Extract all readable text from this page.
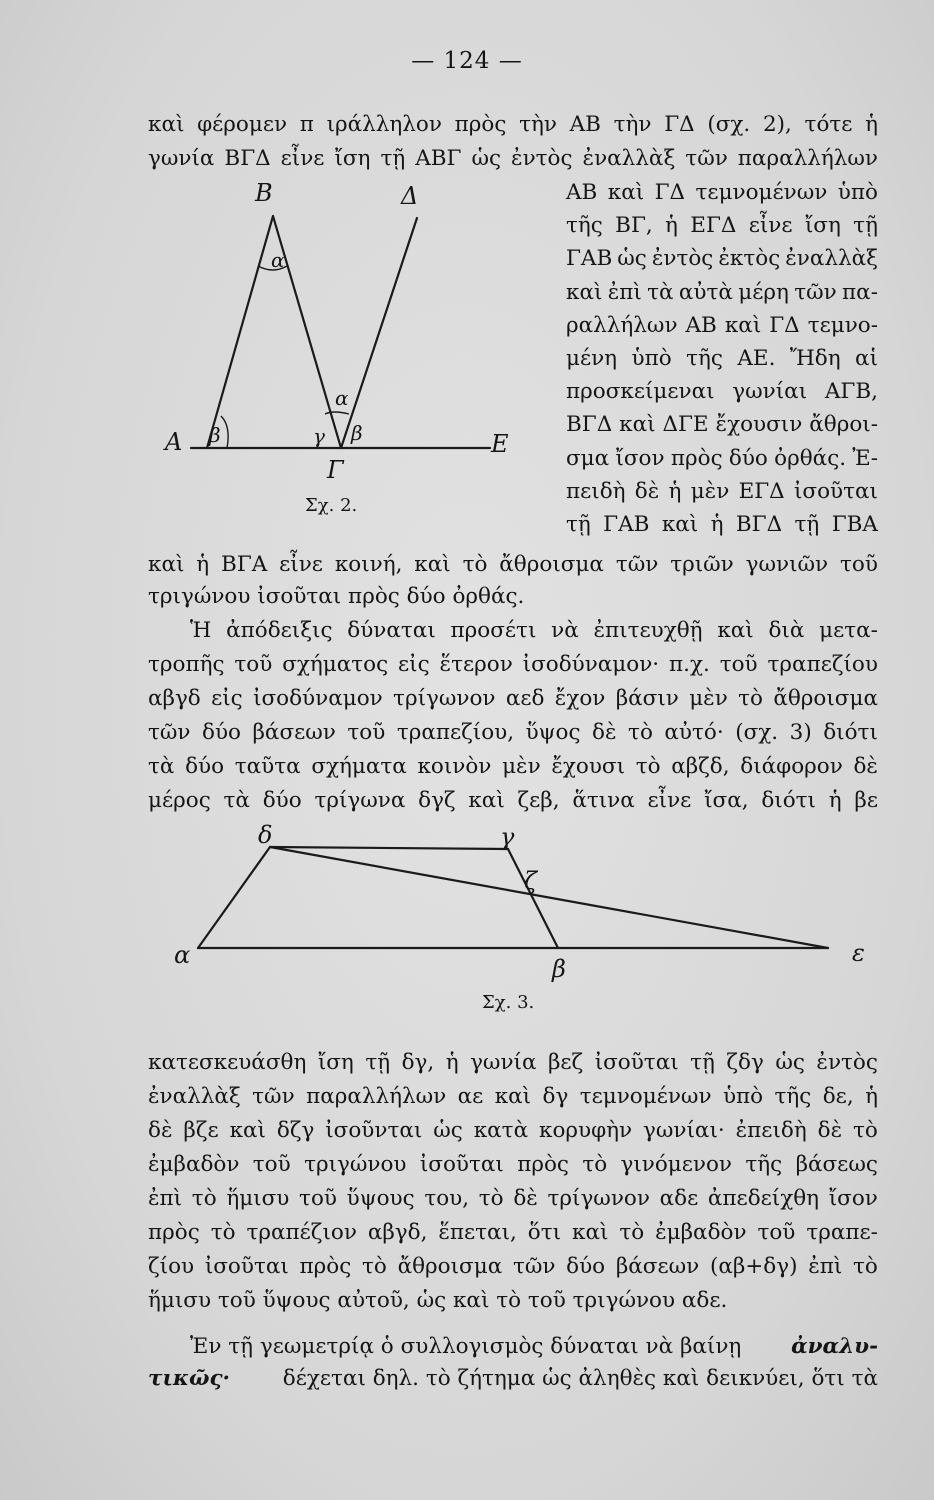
— 124 —
καὶ φέρομεν π ιράλληλον πρὸς τὴν ΑΒ τὴν ΓΔ (σχ. 2), τότε ἡ
γωνία ΒΓΔ εἶνε ἴση τῇ ΑΒΓ ὡς ἐντὸς ἐναλλὰξ τῶν παραλλήλων
ΑΒ καὶ ΓΔ τεμνομένων ὑπὸ
τῆς ΒΓ, ἡ ΕΓΔ εἶνε ἴση τῇ
ΓΑΒ ὡς ἐντὸς ἐκτὸς ἐναλλὰξ
καὶ ἐπὶ τὰ αὐτὰ μέρη τῶν πα-
ραλλήλων ΑΒ καὶ ΓΔ τεμνο-
μένη ὑπὸ τῆς ΑΕ. Ἤδη αἱ
προσκείμεναι γωνίαι ΑΓΒ,
ΒΓΔ καὶ ΔΓΕ ἔχουσιν ἄθροι-
σμα ἴσον πρὸς δύο ὀρθάς. Ἐ-
πειδὴ δὲ ἡ μὲν ΕΓΔ ἰσοῦται
τῇ ΓΑΒ καὶ ἡ ΒΓΔ τῇ ΓΒΑ
Β	Δ
α
Α β
α
γ β	Ε
Γ
Σχ. 2.
καὶ ἡ ΒΓΑ εἶνε κοινή, καὶ τὸ ἄθροισμα τῶν τριῶν γωνιῶν τοῦ
τριγώνου ἰσοῦται πρὸς δύο ὀρθάς.
Ἡ ἀπόδειξις δύναται προσέτι νὰ ἐπιτευχθῇ καὶ διὰ μετα-
τροπῆς τοῦ σχήματος εἰς ἕτερον ἰσοδύναμον· π.χ. τοῦ τραπεζίου
αβγδ εἰς ἰσοδύναμον τρίγωνον αεδ ἔχον βάσιν μὲν τὸ ἄθροισμα
τῶν δύο βάσεων τοῦ τραπεζίου, ὕψος δὲ τὸ αὐτό· (σχ. 3) διότι
τὰ δύο ταῦτα σχήματα κοινὸν μὲν ἔχουσι τὸ αβζδ, διάφορον δὲ
μέρος τὰ δύο τρίγωνα δγζ καὶ ζεβ, ἅτινα εἶνε ἴσα, διότι ἡ βε
δ	γ
ζ
α	β
ε
Σχ. 3.
κατεσκευάσθη ἴση τῇ δγ, ἡ γωνία βεζ ἰσοῦται τῇ ζδγ ὡς ἐντὸς
ἐναλλὰξ τῶν παραλλήλων αε καὶ δγ τεμνομένων ὑπὸ τῆς δε, ἡ
δὲ βζε καὶ δζγ ἰσοῦνται ὡς κατὰ κορυφὴν γωνίαι· ἐπειδὴ δὲ τὸ
ἐμβαδὸν τοῦ τριγώνου ἰσοῦται πρὸς τὸ γινόμενον τῆς βάσεως
ἐπὶ τὸ ἥμισυ τοῦ ὕψους του, τὸ δὲ τρίγωνον αδε ἀπεδείχθη ἴσον
πρὸς τὸ τραπέζιον αβγδ, ἕπεται, ὅτι καὶ τὸ ἐμβαδὸν τοῦ τραπε-
ζίου ἰσοῦται πρὸς τὸ ἄθροισμα τῶν δύο βάσεων (αβ+δγ) ἐπὶ τὸ
ἥμισυ τοῦ ὕψους αὐτοῦ, ὡς καὶ τὸ τοῦ τριγώνου αδε.
Ἐν τῇ γεωμετρίᾳ ὁ συλλογισμὸς δύναται νὰ βαίνῃ ἀναλυ-
τικῶς· δέχεται δηλ. τὸ ζήτημα ὡς ἀληθὲς καὶ δεικνύει, ὅτι τὰ
